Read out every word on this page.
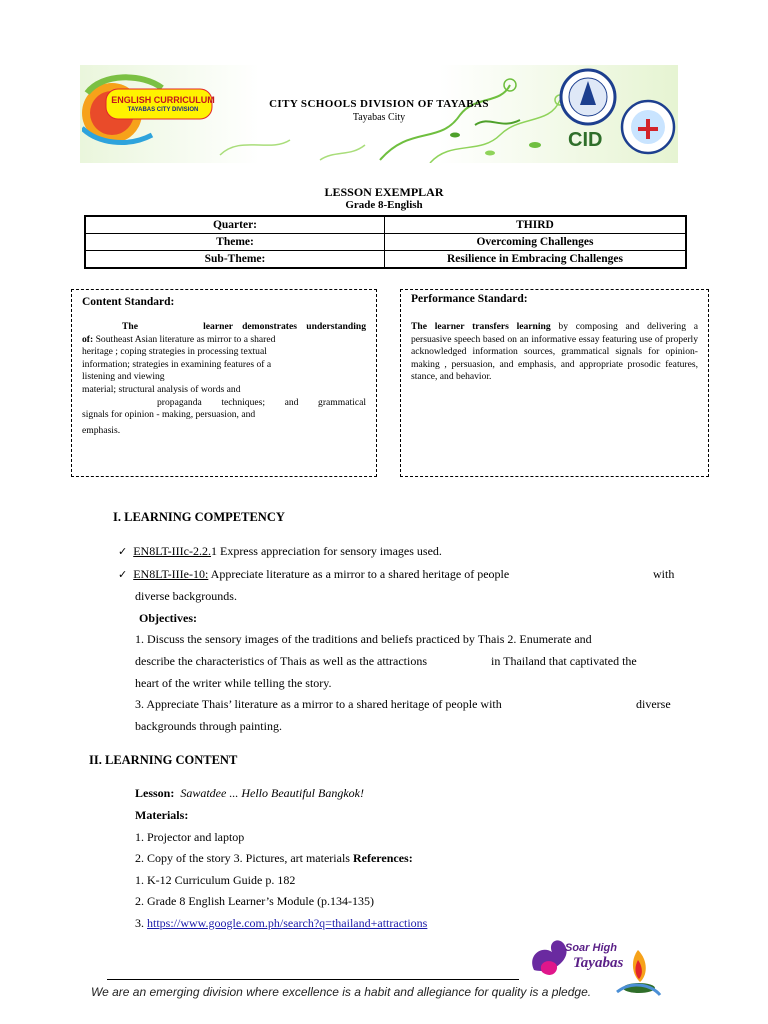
ENGLISH CURRICULUM
TAYABAS CITY DIVISION	CITY SCHOOLS DIVISION OF TAYABAS
Tayabas City
CID
LESSON EXEMPLAR
Grade 8-English
Quarter:	THIRD
Theme:	Overcoming Challenges
Sub-Theme:	Resilience in Embracing Challenges
Content Standard:
The       learner demonstrates understanding
of: Southeast Asian literature as mirror to a shared
heritage ; coping strategies in processing textual
information; strategies in examining features of a
listening and viewing
material; structural analysis of words and
propaganda techniques; and grammatical
signals for opinion - making, persuasion, and
emphasis.
Performance Standard:
The learner transfers learning by composing and delivering a persuasive speech based on an informative essay featuring use of properly acknowledged information sources, grammatical signals for opinion-making , persuasion, and emphasis, and appropriate prosodic features, stance, and behavior.
I. LEARNING COMPETENCY
✓ EN8LT-IIIc-2.2.1 Express appreciation for sensory images used.
✓ EN8LT-IIIe-10: Appreciate literature as a mirror to a shared heritage of people	with
diverse backgrounds.
Objectives:
1. Discuss the sensory images of the traditions and beliefs practiced by Thais 2. Enumerate and
describe the characteristics of Thais as well as the attractions	in Thailand that captivated the
heart of the writer while telling the story.
3. Appreciate Thais’ literature as a mirror to a shared heritage of people with	diverse
backgrounds through painting.
II. LEARNING CONTENT
Lesson: Sawatdee ... Hello Beautiful Bangkok!
Materials:
1. Projector and laptop
2. Copy of the story 3. Pictures, art materials References:
1. K-12 Curriculum Guide p. 182
2. Grade 8 English Learner’s Module (p.134-135)
3. https://www.google.com.ph/search?q=thailand+attractions
Soar High
Tayabas
We are an emerging division where excellence is a habit and allegiance for quality is a pledge.
